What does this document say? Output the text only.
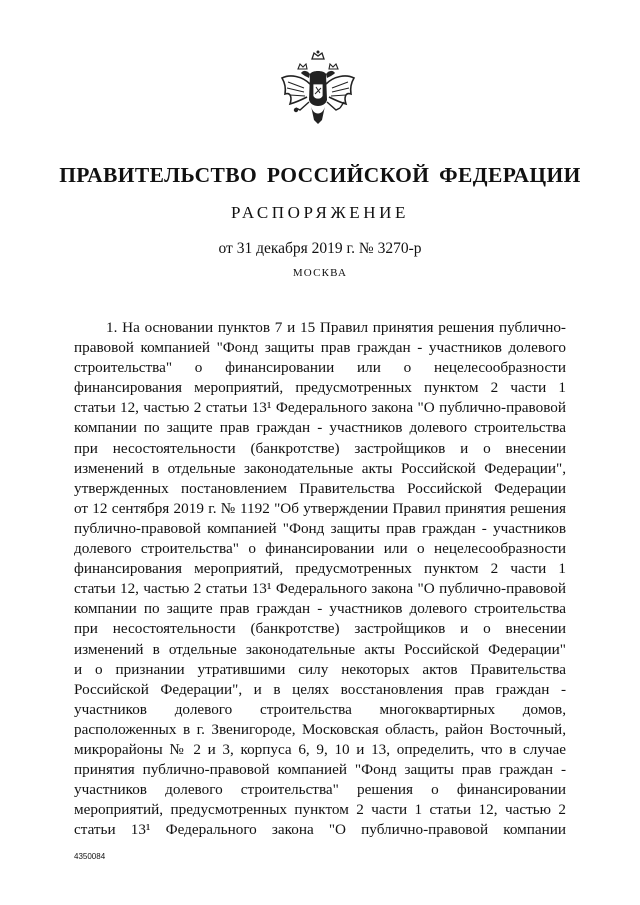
ПРАВИТЕЛЬСТВО РОССИЙСКОЙ ФЕДЕРАЦИИ
РАСПОРЯЖЕНИЕ
от 31 декабря 2019 г. № 3270-р
МОСКВА
1. На основании пунктов 7 и 15 Правил принятия решения публично-
правовой компанией "Фонд защиты прав граждан - участников долевого
строительства" о финансировании или о нецелесообразности
финансирования мероприятий, предусмотренных пунктом 2 части 1
статьи 12, частью 2 статьи 13¹ Федерального закона "О публично-правовой
компании по защите прав граждан - участников долевого строительства
при несостоятельности (банкротстве) застройщиков и о внесении
изменений в отдельные законодательные акты Российской Федерации",
утвержденных постановлением Правительства Российской Федерации
от 12 сентября 2019 г. № 1192 "Об утверждении Правил принятия решения
публично-правовой компанией "Фонд защиты прав граждан - участников
долевого строительства" о финансировании или о нецелесообразности
финансирования мероприятий, предусмотренных пунктом 2 части 1
статьи 12, частью 2 статьи 13¹ Федерального закона "О публично-правовой
компании по защите прав граждан - участников долевого строительства
при несостоятельности (банкротстве) застройщиков и о внесении
изменений в отдельные законодательные акты Российской Федерации"
и о признании утратившими силу некоторых актов Правительства
Российской Федерации", и в целях восстановления прав граждан -
участников долевого строительства многоквартирных домов,
расположенных в г. Звенигороде, Московская область, район Восточный,
микрорайоны № 2 и 3, корпуса 6, 9, 10 и 13, определить, что в случае
принятия публично-правовой компанией "Фонд защиты прав граждан -
участников долевого строительства" решения о финансировании
мероприятий, предусмотренных пунктом 2 части 1 статьи 12, частью 2
статьи 13¹ Федерального закона "О публично-правовой компании
4350084
